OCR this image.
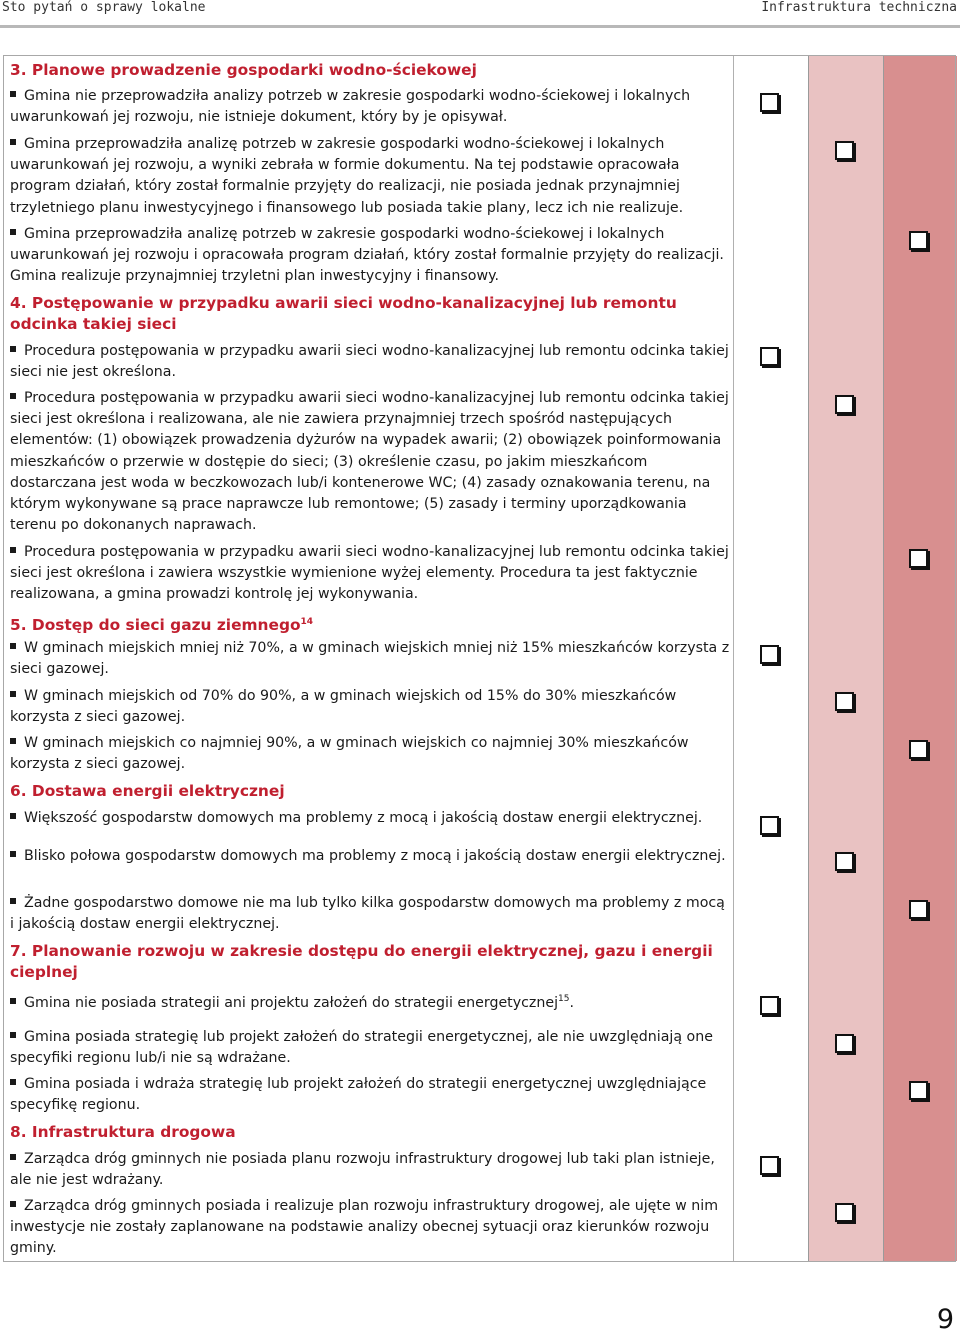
Sto pytań o sprawy lokalne	Infrastruktura techniczna

3. Planowe prowadzenie gospodarki wodno-ściekowej

Gmina nie przeprowadziła analizy potrzeb w zakresie gospodarki wodno-ściekowej i lokalnych uwarunkowań jej rozwoju, nie istnieje dokument, który by je opisywał.

Gmina przeprowadziła analizę potrzeb w zakresie gospodarki wodno-ściekowej i lokalnych uwarunkowań jej rozwoju, a wyniki zebrała w formie dokumentu. Na tej podstawie opracowała program działań, który został formalnie przyjęty do realizacji, nie posiada jednak przynajmniej trzyletniego planu inwestycyjnego i finansowego lub posiada takie plany, lecz ich nie realizuje.

Gmina przeprowadziła analizę potrzeb w zakresie gospodarki wodno-ściekowej i lokalnych uwarunkowań jej rozwoju i opracowała program działań, który został formalnie przyjęty do realizacji. Gmina realizuje przynajmniej trzyletni plan inwestycyjny i finansowy.

4. Postępowanie w przypadku awarii sieci wodno-kanalizacyjnej lub remontu odcinka takiej sieci

Procedura postępowania w przypadku awarii sieci wodno-kanalizacyjnej lub remontu odcinka takiej sieci nie jest określona.

Procedura postępowania w przypadku awarii sieci wodno-kanalizacyjnej lub remontu odcinka takiej sieci jest określona i realizowana, ale nie zawiera przynajmniej trzech spośród następujących elementów: (1) obowiązek prowadzenia dyżurów na wypadek awarii; (2) obowiązek poinformowania mieszkańców o przerwie w dostępie do sieci; (3) określenie czasu, po jakim mieszkańcom dostarczana jest woda w beczkowozach lub/i kontenerowe WC; (4) zasady oznakowania terenu, na którym wykonywane są prace naprawcze lub remontowe; (5) zasady i terminy uporządkowania terenu po dokonanych naprawach.

Procedura postępowania w przypadku awarii sieci wodno-kanalizacyjnej lub remontu odcinka takiej sieci jest określona i zawiera wszystkie wymienione wyżej elementy. Procedura ta jest faktycznie realizowana, a gmina prowadzi kontrolę jej wykonywania.

5. Dostęp do sieci gazu ziemnego$^{14}$

W gminach miejskich mniej niż 70%, a w gminach wiejskich mniej niż 15% mieszkańców korzysta z sieci gazowej.

W gminach miejskich od 70% do 90%, a w gminach wiejskich od 15% do 30% mieszkańców korzysta z sieci gazowej.

W gminach miejskich co najmniej 90%, a w gminach wiejskich co najmniej 30% mieszkańców korzysta z sieci gazowej.

6. Dostawa energii elektrycznej

Większość gospodarstw domowych ma problemy z mocą i jakością dostaw energii elektrycznej.

Blisko połowa gospodarstw domowych ma problemy z mocą i jakością dostaw energii elektrycznej.

Żadne gospodarstwo domowe nie ma lub tylko kilka gospodarstw domowych ma problemy z mocą i jakością dostaw energii elektrycznej.

7. Planowanie rozwoju w zakresie dostępu do energii elektrycznej, gazu i energii cieplnej

Gmina nie posiada strategii ani projektu założeń do strategii energetycznej$^{15}$.

Gmina posiada strategię lub projekt założeń do strategii energetycznej, ale nie uwzględniają one specyfiki regionu lub/i nie są wdrażane.

Gmina posiada i wdraża strategię lub projekt założeń do strategii energetycznej uwzględniające specyfikę regionu.

8. Infrastruktura drogowa

Zarządca dróg gminnych nie posiada planu rozwoju infrastruktury drogowej lub taki plan istnieje, ale nie jest wdrażany.

Zarządca dróg gminnych posiada i realizuje plan rozwoju infrastruktury drogowej, ale ujęte w nim inwestycje nie zostały zaplanowane na podstawie analizy obecnej sytuacji oraz kierunków rozwoju gminy.

9
